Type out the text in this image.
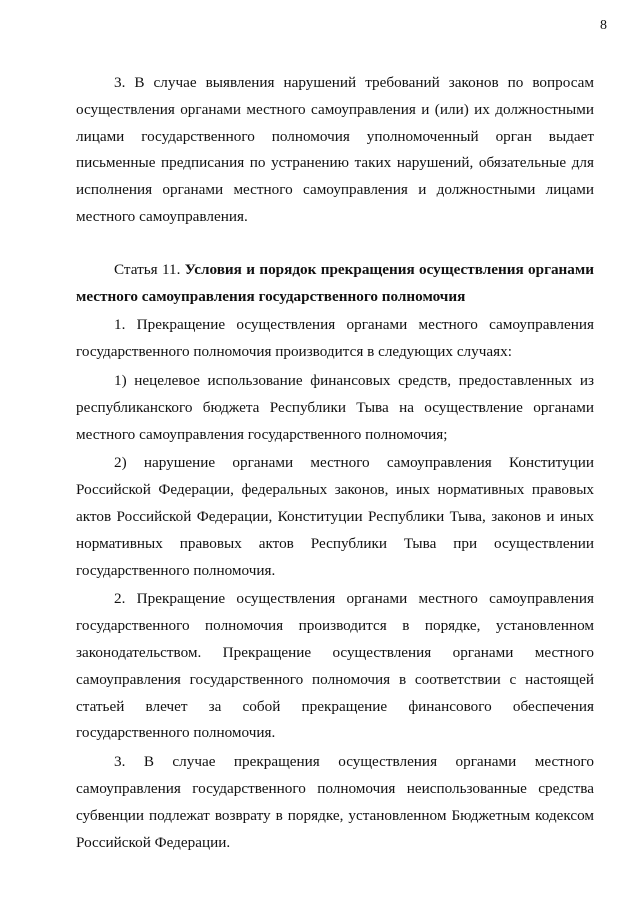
8

3. В случае выявления нарушений требований законов по вопросам осуществления органами местного самоуправления и (или) их должностными лицами государственного полномочия уполномоченный орган выдает письменные предписания по устранению таких нарушений, обязательные для исполнения органами местного самоуправления и должностными лицами местного самоуправления.

Статья 11. Условия и порядок прекращения осуществления органами местного самоуправления государственного полномочия

1. Прекращение осуществления органами местного самоуправления государственного полномочия производится в следующих случаях:

1) нецелевое использование финансовых средств, предоставленных из республиканского бюджета Республики Тыва на осуществление органами местного самоуправления государственного полномочия;

2) нарушение органами местного самоуправления Конституции Российской Федерации, федеральных законов, иных нормативных правовых актов Российской Федерации, Конституции Республики Тыва, законов и иных нормативных правовых актов Республики Тыва при осуществлении государственного полномочия.

2. Прекращение осуществления органами местного самоуправления государственного полномочия производится в порядке, установленном законодательством. Прекращение осуществления органами местного самоуправления государственного полномочия в соответствии с настоящей статьей влечет за собой прекращение финансового обеспечения государственного полномочия.

3. В случае прекращения осуществления органами местного самоуправления государственного полномочия неиспользованные средства субвенции подлежат возврату в порядке, установленном Бюджетным кодексом Российской Федерации.
